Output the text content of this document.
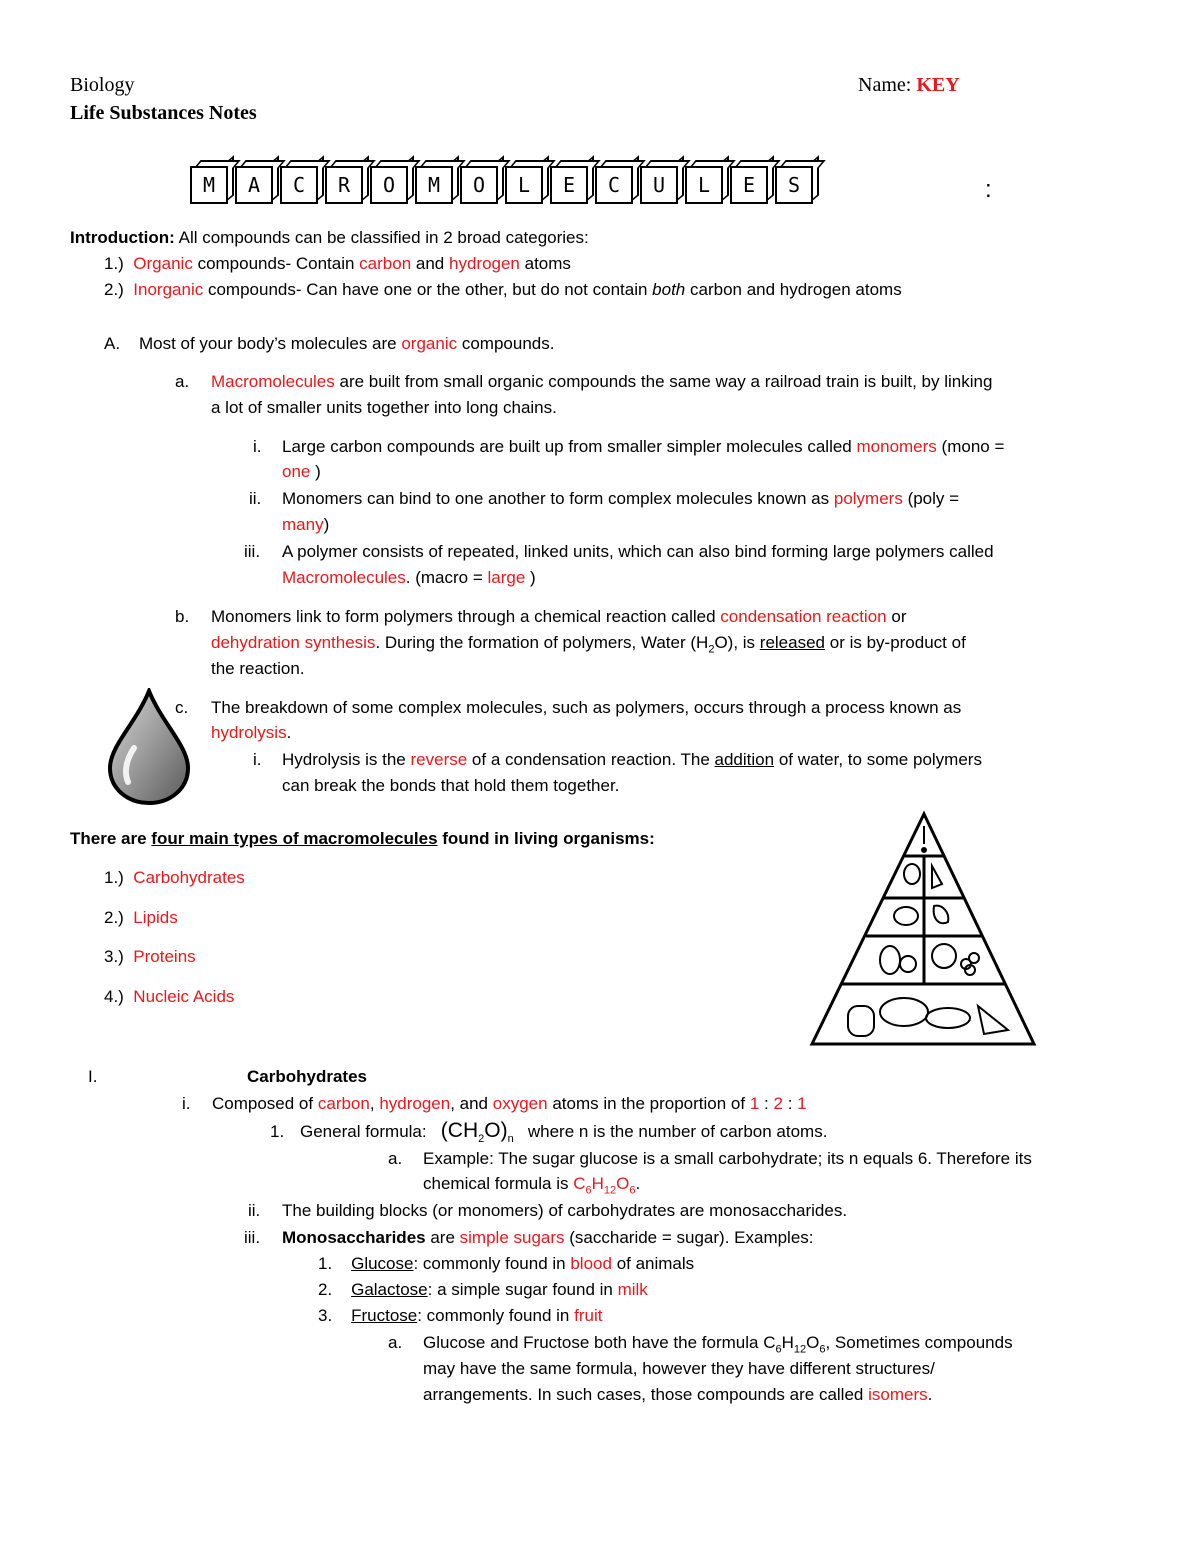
Biology
Life Substances Notes
Name: KEY
M	A	C	R	O	M	O	L	E	C	U	L	E	S	:
Introduction: All compounds can be classified in 2 broad categories:
1.) Organic compounds- Contain carbon and hydrogen atoms
2.) Inorganic compounds- Can have one or the other, but do not contain both carbon and hydrogen atoms
A. Most of your body’s molecules are organic compounds.
a. Macromolecules are built from small organic compounds the same way a railroad train is built, by linking
a lot of smaller units together into long chains.
i. Large carbon compounds are built up from smaller simpler molecules called monomers (mono =
one )
ii. Monomers can bind to one another to form complex molecules known as polymers (poly =
many)
iii. A polymer consists of repeated, linked units, which can also bind forming large polymers called
Macromolecules. (macro = large )
b. Monomers link to form polymers through a chemical reaction called condensation reaction or
dehydration synthesis. During the formation of polymers, Water $(H_2O)$, is released or is by-product of
the reaction.
c. The breakdown of some complex molecules, such as polymers, occurs through a process known as
hydrolysis.
i. Hydrolysis is the reverse of a condensation reaction. The addition of water, to some polymers
can break the bonds that hold them together.
There are four main types of macromolecules found in living organisms:
1.) Carbohydrates
2.) Lipids
3.) Proteins
4.) Nucleic Acids
I.	Carbohydrates
i. Composed of carbon, hydrogen, and oxygen atoms in the proportion of 1 : 2 : 1
1. General formula: $(CH_2O)_n$ where n is the number of carbon atoms.
a. Example: The sugar glucose is a small carbohydrate; its n equals 6. Therefore its
chemical formula is $C_6H_{12}O_6$.
ii. The building blocks (or monomers) of carbohydrates are monosaccharides.
iii. Monosaccharides are simple sugars (saccharide = sugar). Examples:
1. Glucose: commonly found in blood of animals
2. Galactose: a simple sugar found in milk
3. Fructose: commonly found in fruit
a. Glucose and Fructose both have the formula $C_6H_{12}O_6$, Sometimes compounds
may have the same formula, however they have different structures/
arrangements. In such cases, those compounds are called isomers.
